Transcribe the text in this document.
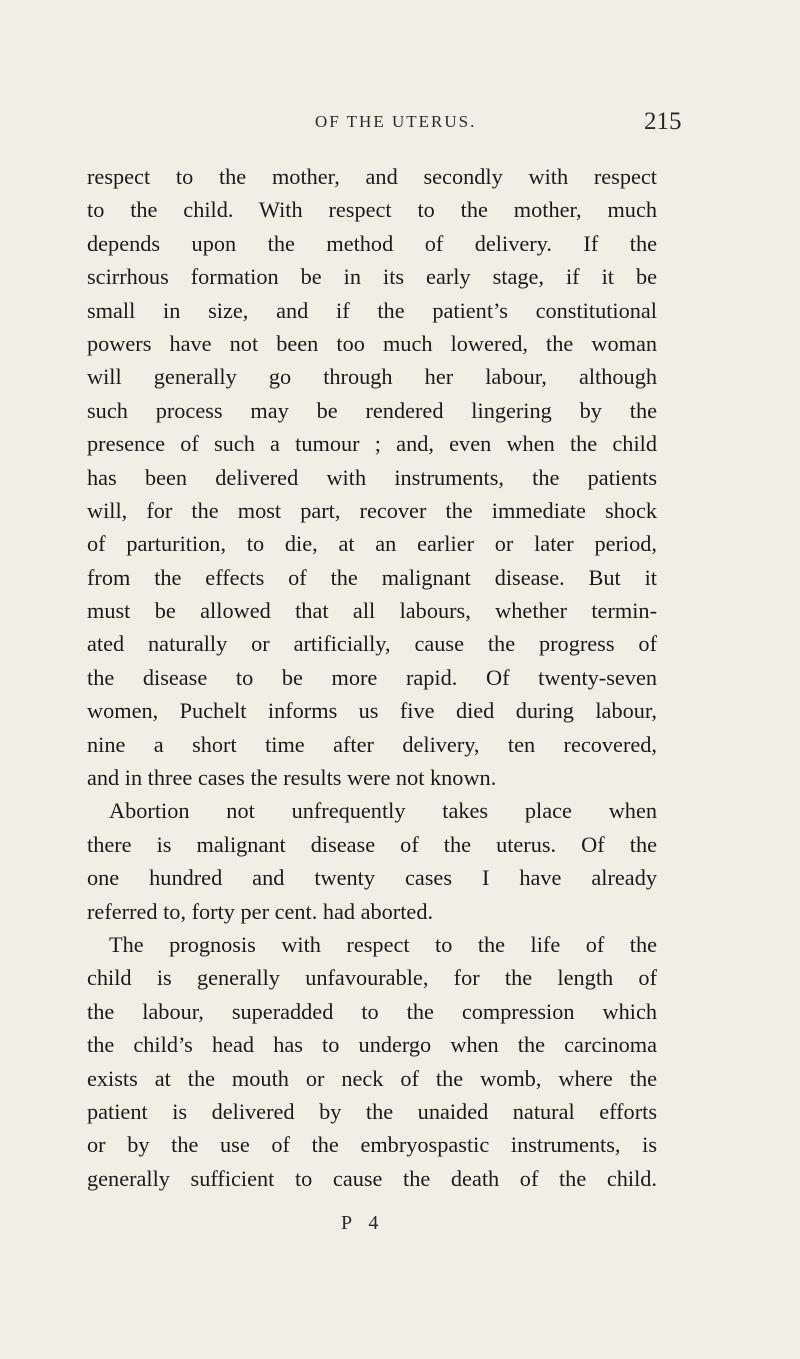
OF THE UTERUS.	215
respect to the mother, and secondly with respect
to the child. With respect to the mother, much
depends upon the method of delivery. If the
scirrhous formation be in its early stage, if it be
small in size, and if the patient’s constitutional
powers have not been too much lowered, the woman
will generally go through her labour, although
such process may be rendered lingering by the
presence of such a tumour ; and, even when the child
has been delivered with instruments, the patients
will, for the most part, recover the immediate shock
of parturition, to die, at an earlier or later period,
from the effects of the malignant disease. But it
must be allowed that all labours, whether termin-
ated naturally or artificially, cause the progress of
the disease to be more rapid. Of twenty-seven
women, Puchelt informs us five died during labour,
nine a short time after delivery, ten recovered,
and in three cases the results were not known.
Abortion not unfrequently takes place when
there is malignant disease of the uterus. Of the
one hundred and twenty cases I have already
referred to, forty per cent. had aborted.
The prognosis with respect to the life of the
child is generally unfavourable, for the length of
the labour, superadded to the compression which
the child’s head has to undergo when the carcinoma
exists at the mouth or neck of the womb, where the
patient is delivered by the unaided natural efforts
or by the use of the embryospastic instruments, is
generally sufficient to cause the death of the child.
P 4
